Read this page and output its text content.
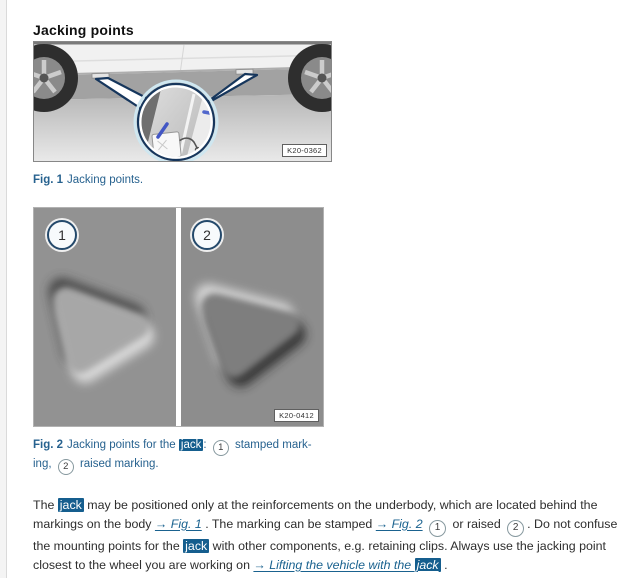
Jacking points
K20-0362
Fig. 1 Jacking points.
1	2
K20-0412
Fig. 2 Jacking points for the jack : 1 stamped mark-
ing, 2 raised marking.

The jack may be positioned only at the reinforcements on the underbody, which are located behind the
markings on the body → Fig. 1 . The marking can be stamped → Fig. 2 1 or raised 2 . Do not confuse
the mounting points for the jack with other components, e.g. retaining clips. Always use the jacking point
closest to the wheel you are working on → Lifting the vehicle with the jack .
